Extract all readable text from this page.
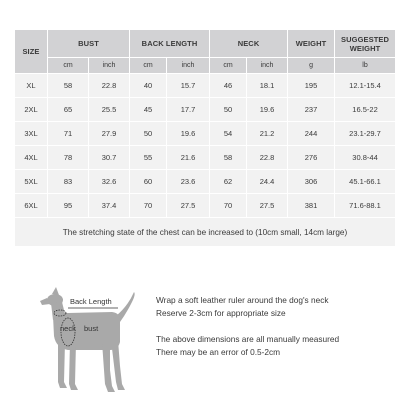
SIZE	BUST		BACK LENGTH		NECK		WEIGHT	SUGGESTED
WEIGHT
	cm	inch	cm	inch	cm	inch	g	lb
XL	58	22.8	40	15.7	46	18.1	195	12.1-15.4
2XL	65	25.5	45	17.7	50	19.6	237	16.5-22
3XL	71	27.9	50	19.6	54	21.2	244	23.1-29.7
4XL	78	30.7	55	21.6	58	22.8	276	30.8-44
5XL	83	32.6	60	23.6	62	24.4	306	45.1-66.1
6XL	95	37.4	70	27.5	70	27.5	381	71.6-88.1
The stretching state of the chest can be increased to (10cm small, 14cm large)								
Back Length
neck bust
Wrap a soft leather ruler around the dog's neck
Reserve 2-3cm for appropriate size
The above dimensions are all manually measured
There may be an error of 0.5-2cm
